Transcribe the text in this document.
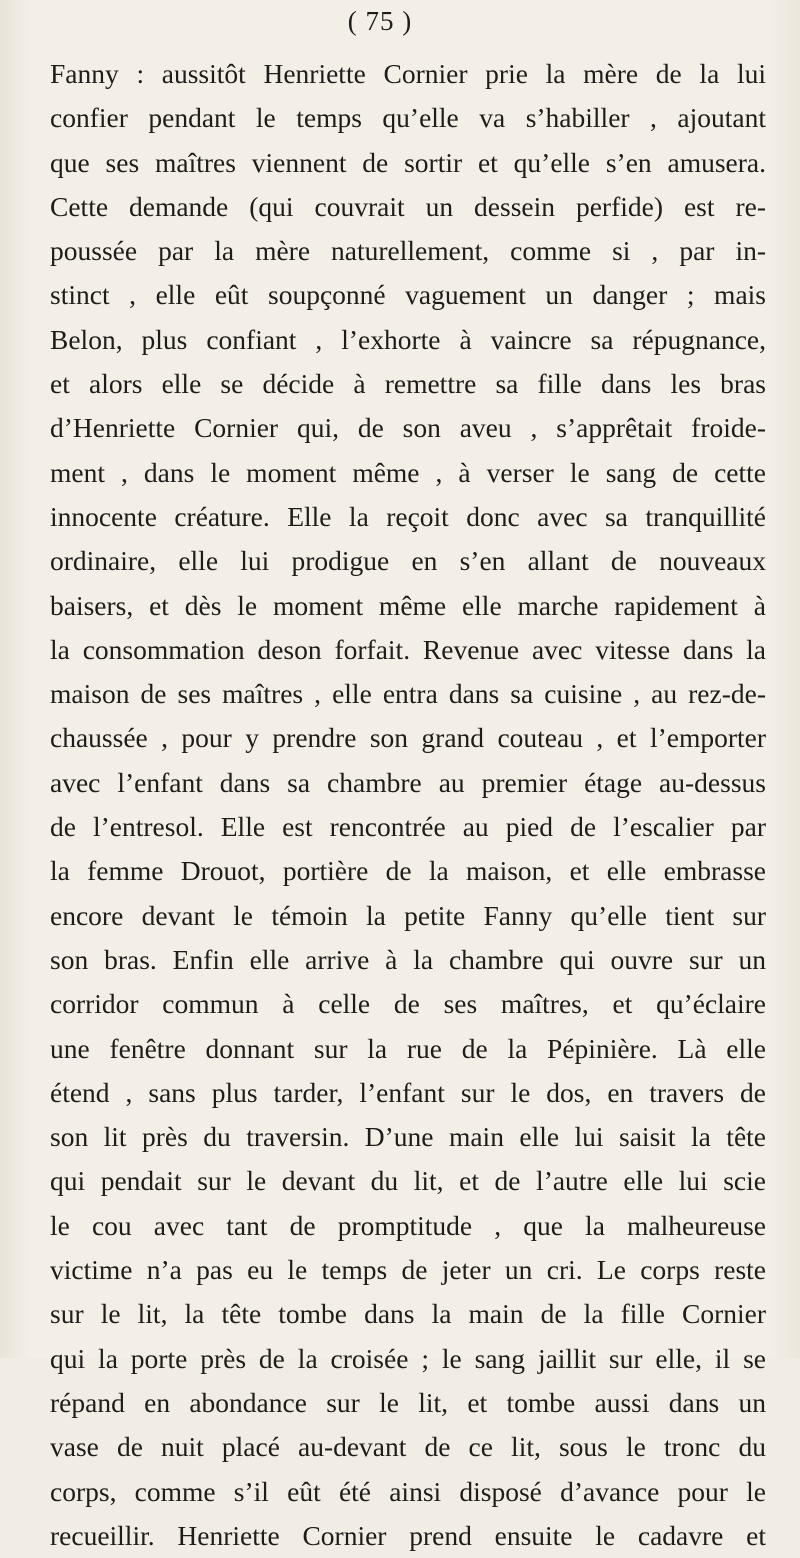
( 75 )
Fanny : aussitôt Henriette Cornier prie la mère de la lui
confier pendant le temps qu’elle va s’habiller , ajoutant
que ses maîtres viennent de sortir et qu’elle s’en amusera.
Cette demande (qui couvrait un dessein perfide) est re-
poussée par la mère naturellement, comme si , par in-
stinct , elle eût soupçonné vaguement un danger ; mais
Belon, plus confiant , l’exhorte à vaincre sa répugnance,
et alors elle se décide à remettre sa fille dans les bras
d’Henriette Cornier qui, de son aveu , s’apprêtait froide-
ment , dans le moment même , à verser le sang de cette
innocente créature. Elle la reçoit donc avec sa tranquillité
ordinaire, elle lui prodigue en s’en allant de nouveaux
baisers, et dès le moment même elle marche rapidement à
la consommation deson forfait. Revenue avec vitesse dans la
maison de ses maîtres , elle entra dans sa cuisine , au rez-de-
chaussée , pour y prendre son grand couteau , et l’emporter
avec l’enfant dans sa chambre au premier étage au-dessus
de l’entresol. Elle est rencontrée au pied de l’escalier par
la femme Drouot, portière de la maison, et elle embrasse
encore devant le témoin la petite Fanny qu’elle tient sur
son bras. Enfin elle arrive à la chambre qui ouvre sur un
corridor commun à celle de ses maîtres, et qu’éclaire
une fenêtre donnant sur la rue de la Pépinière. Là elle
étend , sans plus tarder, l’enfant sur le dos, en travers de
son lit près du traversin. D’une main elle lui saisit la tête
qui pendait sur le devant du lit, et de l’autre elle lui scie
le cou avec tant de promptitude , que la malheureuse
victime n’a pas eu le temps de jeter un cri. Le corps reste
sur le lit, la tête tombe dans la main de la fille Cornier
qui la porte près de la croisée ; le sang jaillit sur elle, il se
répand en abondance sur le lit, et tombe aussi dans un
vase de nuit placé au-devant de ce lit, sous le tronc du
corps, comme s’il eût été ainsi disposé d’avance pour le
recueillir. Henriette Cornier prend ensuite le cadavre et
